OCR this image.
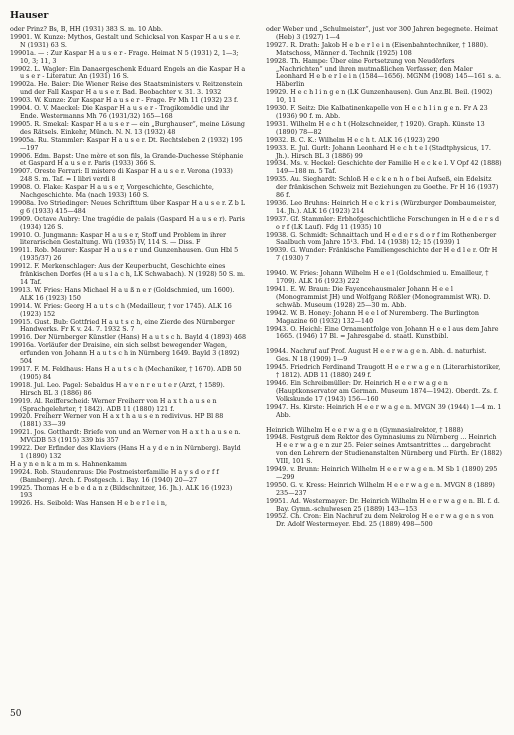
Hauser

oder Prinz? Bs, B, HH (1931) 383 S. m. 10 Abb.

19901. W. Kunze: Mythos, Gestalt und Schicksal von Kaspar H a u s e r. N (1931) 63 S.

19901a. — : Zur Kaspar H a u s e r - Frage. Heimat N 5 (1931) 2, 1—3; 10, 3; 11, 3

19902. L. Wagler: Ein Danaergeschenk Eduard Engels an die Kaspar H a u s e r - Literatur. An (1931) 16 S.

19902a. He. Baier: Die Wiener Reise des Staatsministers v. Reitzenstein und der Fall Kaspar H a u s e r. Bad. Beobachter v. 31. 3. 1932

19903. W. Kunze: Zur Kaspar H a u s e r - Frage. Fr Mh 11 (1932) 23 f.

19904. O. V. Maeckel: Die Kaspar H a u s e r - Tragikomödie und ihr Ende. Westermanns Mh 76 (1931/32) 165—168

19905. R. Smekal: Kaspar H a u s e r — ein „Burghauser“, meine Lösung des Rätsels. Einkehr, Münch. N. N. 13 (1932) 48

19905a. Ru. Stammler: Kaspar H a u s e r. Dt. Rechtsleben 2 (1932) 195—197

19906. Edm. Bapst: Une mère et son fils, la Grande-Duchesse Stéphanie et Gaspard H a u s e r. Paris (1933) 366 S.

19907. Oreste Ferrari: Il mistero di Kaspar H a u s e r. Verona (1933) 248 S. m. Taf. = I libri verdi 8

19908. O. Flake: Kaspar H a u s e r, Vorgeschichte, Geschichte, Nachgeschichte. Ma (nach 1933) 160 S.

19908a. Ivo Striedinger: Neues Schrifttum über Kaspar H a u s e r. Z b L g 6 (1933) 415—484

19909. Octave Aubry: Une tragédie de palais (Gaspard H a u s e r). Paris (1934) 126 S.

19910. O. Jungmann: Kaspar H a u s e r, Stoff und Problem in ihrer literarischen Gestaltung. Wü (1935) IV, 114 S. — Diss. F

19911. Rob. Maurer: Kaspar H a u s e r und Gunzenhausen. Gun Hbl 5 (1935/37) 26

19912. F. Merkenschlager: Aus der Keuperbucht, Geschichte eines fränkischen Dorfes (H a u s l a c h, LK Schwabach). N (1928) 50 S. m. 14 Taf.

19913. W. Fries: Hans Michael H a u ß n e r (Goldschmied, um 1600). ALK 16 (1923) 150

19914. W. Fries: Georg H a u t s c h (Medailleur, † vor 1745). ALK 16 (1923) 152

19915. Gust. Bub: Gottfried H a u t s c h, eine Zierde des Nürnberger Handwerks. Fr K v. 24. 7. 1932 S. 7

19916. Der Nürnberger Künstler (Hans) H a u t s c h. Bayld 4 (1893) 468

19916a. Vorläufer der Draisine, ein sich selbst bewegender Wagen, erfunden von Johann H a u t s c h in Nürnberg 1649. Bayld 3 (1892) 504

19917. F. M. Feldhaus: Hans H a u t s c h (Mechaniker, † 1670). ADB 50 (1905) 84

19918. Jul. Leo. Pagel: Sebaldus H a v e n r e u t e r (Arzt, † 1589). Hirsch BL 3 (1886) 86

19919. Al. Reifferscheid: Werner Freiherr von H a x t h a u s e n (Sprachgelehrter, † 1842). ADB 11 (1880) 121 f.

19920. Freiherr Werner von H a x t h a u s e n redivivus. HP Bl 88 (1881) 33—39

19921. Jos. Gotthardt: Briefe von und an Werner von H a x t h a u s e n. MVGDB 53 (1915) 339 bis 357

19922. Der Erfinder des Klaviers (Hans H a y d e n in Nürnberg). Bayld 1 (1890) 132

H a y n e n k a m m s. Hahnenkamm

19924. Rob. Staudenraus: Die Postmeisterfamilie H a y s d o r f f (Bamberg). Arch. f. Postgesch. i. Bay. 16 (1940) 20—27

19925. Thomas H e b e d a n z (Bildschnitzer, 16. Jh.). ALK 16 (1923) 193

19926. Hs. Seibold: Was Hansen H e b e r l e i n,

oder Weber und „Schulmeister“, just vor 300 Jahren begegnete. Heimat (Heb) 3 (1927) 1—4

19927. R. Drath: Jakob H e b e r l e i n (Eisenbahntechniker, † 1880). Matschoss, Männer d. Technik (1925) 108

19928. Th. Hampe: Über eine Fortsetzung von Neudörfers „Nachrichten“ und ihren mutmaßlichen Verfasser, den Maler Leonhard H e b e r l e i n (1584—1656). MGNM (1908) 145—161 s. a. Häberlin

19929. H e c h l i n g e n (LK Gunzenhausen). Gun Anz.Bl. Beil. (1902) 10, 11

19930. F. Seitz: Die Kalbatinenkapelle von H e c h l i n g e n. Fr A 23 (1936) 90 f. m. Abb.

19931. Wilhelm H e c h t (Holzschneider, † 1920). Graph. Künste 13 (1890) 78—82

19932. B. C. K.: Wilhelm H e c h t. ALK 16 (1923) 290

19933. E. Jul. Gurlt: Johann Leonhard H e c h t e l (Stadtphysicus, 17. Jh.). Hirsch BL 3 (1886) 99

19934. Ms. v. Heckel: Geschichte der Familie H e c k e l. V Opf 42 (1888) 149—188 m. 5 Taf.

19935. Au. Sieghardt: Schloß H e c k e n h o f bei Aufseß, ein Edelsitz der fränkischen Schweiz mit Beziehungen zu Goethe. Fr H 16 (1937) 86 f.

19936. Leo Bruhns: Heinrich H e c k r i s (Würzburger Dombaumeister, 14. Jh.). ALK 16 (1923) 214

19937. Gf. Stammler: Erbhofgeschichtliche Forschungen in H e d e r s d o r f (LK Lauf). Fdg 11 (1935) 10

19938. G. Schmidt: Schnaittach und H e d e r s d o r f im Rothenberger Saalbuch vom Jahre 15¹3. Fbd. 14 (1938) 12; 15 (1939) 1

19939. G. Wunder: Fränkische Familiengeschichte der H e d l e r. Ofr H 7 (1930) 7

19940. W. Fries: Johann Wilhelm H e e l (Goldschmied u. Emailleur, † 1709). ALK 16 (1923) 222

19941. E. W. Braun: Die Fayencehausmaler Johann H e e l (Monogrammist JH) und Wolfgang Rößler (Monogrammist WR). D. schwäb. Museum (1928) 25—30 m. Abb.

19942. W. B. Honey: Johann H e e l of Nuremberg. The Burlington Magazine 60 (1932) 132—140

19943. O. Heichl: Eine Ornamentfolge von Johann H e e l aus dem Jahre 1665. (1946) 17 Bl. = Jahresgabe d. staatl. Kunstbibl.

19944. Nachruf auf Prof. August H e e r w a g e n. Abh. d. naturhist. Ges. N 18 (1909) 1—9

19945. Friedrich Ferdinand Traugott H e e r w a g e n (Literarhistoriker, † 1812). ADB 11 (1880) 249 f.

19946. Ein Schreibmüller: Dr. Heinrich H e e r w a g e n (Hauptkonservator am German. Museum 1874—1942). Oberdt. Zs. f. Volkskunde 17 (1943) 156—160

19947. Hs. Kirste: Heinrich H e e r w a g e n. MVGN 39 (1944) 1—4 m. 1 Abb.

Heinrich Wilhelm H e e r w a g e n (Gymnasialrektor, † 1888)

19948. Festgruß dem Rektor des Gymnasiums zu Nürnberg ... Heinrich H e e r w a g e n zur 25. Feier seines Amtsantrittes ... dargebracht von den Lehrern der Studienanstalten Nürnberg und Fürth. Er (1882) VIII, 101 S.

19949. v. Brunn: Heinrich Wilhelm H e e r w a g e n. M Sb 1 (1890) 295—299

19950. G. v. Kress: Heinrich Wilhelm H e e r w a g e n. MVGN 8 (1889) 235—237

19951. Ad. Westermayer: Dr. Heinrich Wilhelm H e e r w a g e n. Bl. f. d. Bay. Gymn.-schulwesen 25 (1889) 143—153

19952. Ch. Cron: Ein Nachruf zu dem Nekrolog H e e r w a g e n s von Dr. Adolf Westermeyer. Ebd. 25 (1889) 498—500

50
